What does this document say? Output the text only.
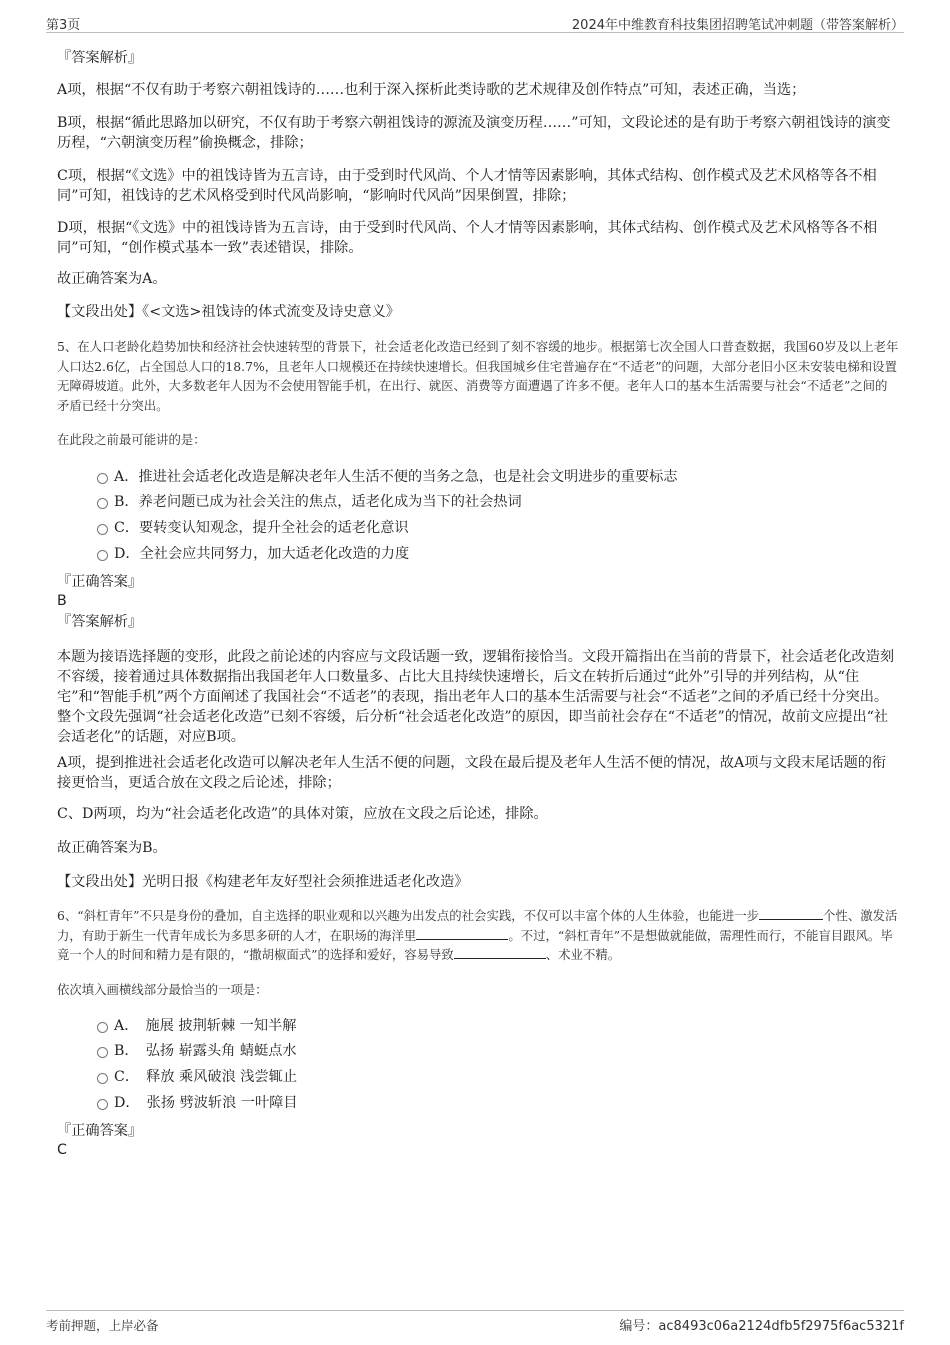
第3页	2024年中维教育科技集团招聘笔试冲刺题（带答案解析）

『答案解析』

A项，根据“不仅有助于考察六朝祖饯诗的……也利于深入探析此类诗歌的艺术规律及创作特点”可知，表述正确，当选；

B项，根据“循此思路加以研究，不仅有助于考察六朝祖饯诗的源流及演变历程……”可知，文段论述的是有助于考察六朝祖饯诗的演变历程，“六朝演变历程”偷换概念，排除；

C项，根据“《文选》中的祖饯诗皆为五言诗，由于受到时代风尚、个人才情等因素影响，其体式结构、创作模式及艺术风格等各不相同”可知，祖饯诗的艺术风格受到时代风尚影响，“影响时代风尚”因果倒置，排除；

D项，根据“《文选》中的祖饯诗皆为五言诗，由于受到时代风尚、个人才情等因素影响，其体式结构、创作模式及艺术风格等各不相同”可知，“创作模式基本一致”表述错误，排除。

故正确答案为A。

【文段出处】《<文选>祖饯诗的体式流变及诗史意义》

5、在人口老龄化趋势加快和经济社会快速转型的背景下，社会适老化改造已经到了刻不容缓的地步。根据第七次全国人口普查数据，我国60岁及以上老年人口达2.6亿，占全国总人口的18.7%，且老年人口规模还在持续快速增长。但我国城乡住宅普遍存在“不适老”的问题，大部分老旧小区未安装电梯和设置无障碍坡道。此外，大多数老年人因为不会使用智能手机，在出行、就医、消费等方面遭遇了许多不便。老年人口的基本生活需要与社会“不适老”之间的矛盾已经十分突出。

在此段之前最可能讲的是：

A．推进社会适老化改造是解决老年人生活不便的当务之急，也是社会文明进步的重要标志
B．养老问题已成为社会关注的焦点，适老化成为当下的社会热词
C．要转变认知观念，提升全社会的适老化意识
D．全社会应共同努力，加大适老化改造的力度

『正确答案』

B

『答案解析』

本题为接语选择题的变形，此段之前论述的内容应与文段话题一致，逻辑衔接恰当。文段开篇指出在当前的背景下，社会适老化改造刻不容缓，接着通过具体数据指出我国老年人口数量多、占比大且持续快速增长，后文在转折后通过“此外”引导的并列结构，从“住宅”和“智能手机”两个方面阐述了我国社会“不适老”的表现，指出老年人口的基本生活需要与社会“不适老”之间的矛盾已经十分突出。整个文段先强调“社会适老化改造”已刻不容缓，后分析“社会适老化改造”的原因，即当前社会存在“不适老”的情况，故前文应提出“社会适老化”的话题，对应B项。

A项，提到推进社会适老化改造可以解决老年人生活不便的问题，文段在最后提及老年人生活不便的情况，故A项与文段末尾话题的衔接更恰当，更适合放在文段之后论述，排除；

C、D两项，均为“社会适老化改造”的具体对策，应放在文段之后论述，排除。

故正确答案为B。

【文段出处】光明日报《构建老年友好型社会须推进适老化改造》

6、“斜杠青年”不只是身份的叠加，自主选择的职业观和以兴趣为出发点的社会实践，不仅可以丰富个体的人生体验，也能进一步	个性、激发活力，有助于新生一代青年成长为多思多研的人才，在职场的海洋里	。不过，“斜杠青年”不是想做就能做，需理性而行，不能盲目跟风。毕竟一个人的时间和精力是有限的，“撒胡椒面式”的选择和爱好，容易导致	、术业不精。

依次填入画横线部分最恰当的一项是：

A．　施展 披荆斩棘 一知半解
B．　弘扬 崭露头角 蜻蜓点水
C．　释放 乘风破浪 浅尝辄止
D．　张扬 劈波斩浪 一叶障目

『正确答案』

C

考前押题，上岸必备	编号：ac8493c06a2124dfb5f2975f6ac5321f
